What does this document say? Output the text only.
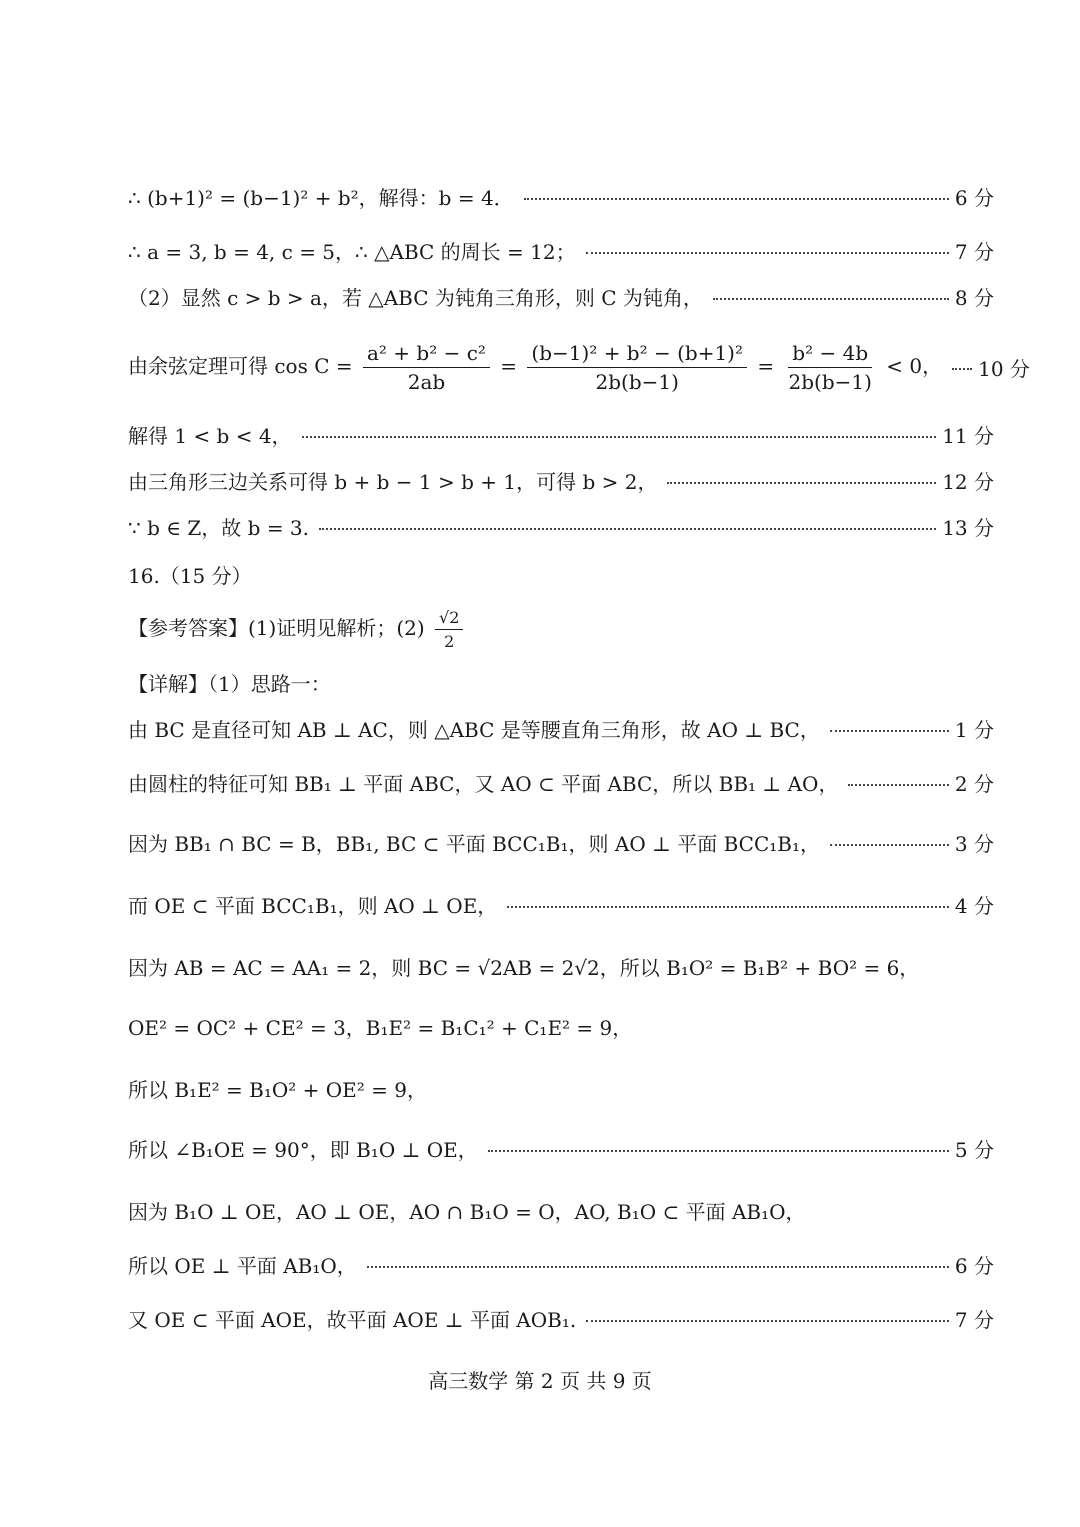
∴ (b+1)² = (b−1)² + b²，解得：b = 4．	6 分
∴ a = 3, b = 4, c = 5，∴ △ABC 的周长 = 12；	7 分
（2）显然 c > b > a，若 △ABC 为钝角三角形，则 C 为钝角，	8 分
由余弦定理可得 $\cos C = \frac{\text{a² + b² − c²}}{2ab} = \frac{\text{(b−1)² + b² − (b+1)²}}{2b(b-1)} = \frac{\text{b² − 4b}}{2b(b-1)} < 0$， 10 分
解得 1 < b < 4，	11 分
由三角形三边关系可得 b + b − 1 > b + 1，可得 b > 2，	12 分
∵ b ∈ Z，故 b = 3.	13 分
16.（15 分）
【参考答案】(1)证明见解析；$(2) \frac{√2}{2}$
【详解】（1）思路一：
由 BC 是直径可知 AB ⊥ AC，则 △ABC 是等腰直角三角形，故 AO ⊥ BC，	1 分
由圆柱的特征可知 BB₁ ⊥ 平面 ABC，又 AO ⊂ 平面 ABC，所以 BB₁ ⊥ AO，	2 分
因为 BB₁ ∩ BC = B，BB₁, BC ⊂ 平面 BCC₁B₁，则 AO ⊥ 平面 BCC₁B₁，	3 分
而 OE ⊂ 平面 BCC₁B₁，则 AO ⊥ OE，	4 分
因为 AB = AC = AA₁ = 2，则 BC = √2AB = 2√2，所以 B₁O² = B₁B² + BO² = 6，
OE² = OC² + CE² = 3，B₁E² = B₁C₁² + C₁E² = 9，
所以 B₁E² = B₁O² + OE² = 9，
所以 ∠B₁OE = 90°，即 B₁O ⊥ OE，	5 分
因为 B₁O ⊥ OE，AO ⊥ OE，AO ∩ B₁O = O，AO, B₁O ⊂ 平面 AB₁O，
所以 OE ⊥ 平面 AB₁O，	6 分
又 OE ⊂ 平面 AOE，故平面 AOE ⊥ 平面 AOB₁.	7 分
高三数学 第 2 页 共 9 页
